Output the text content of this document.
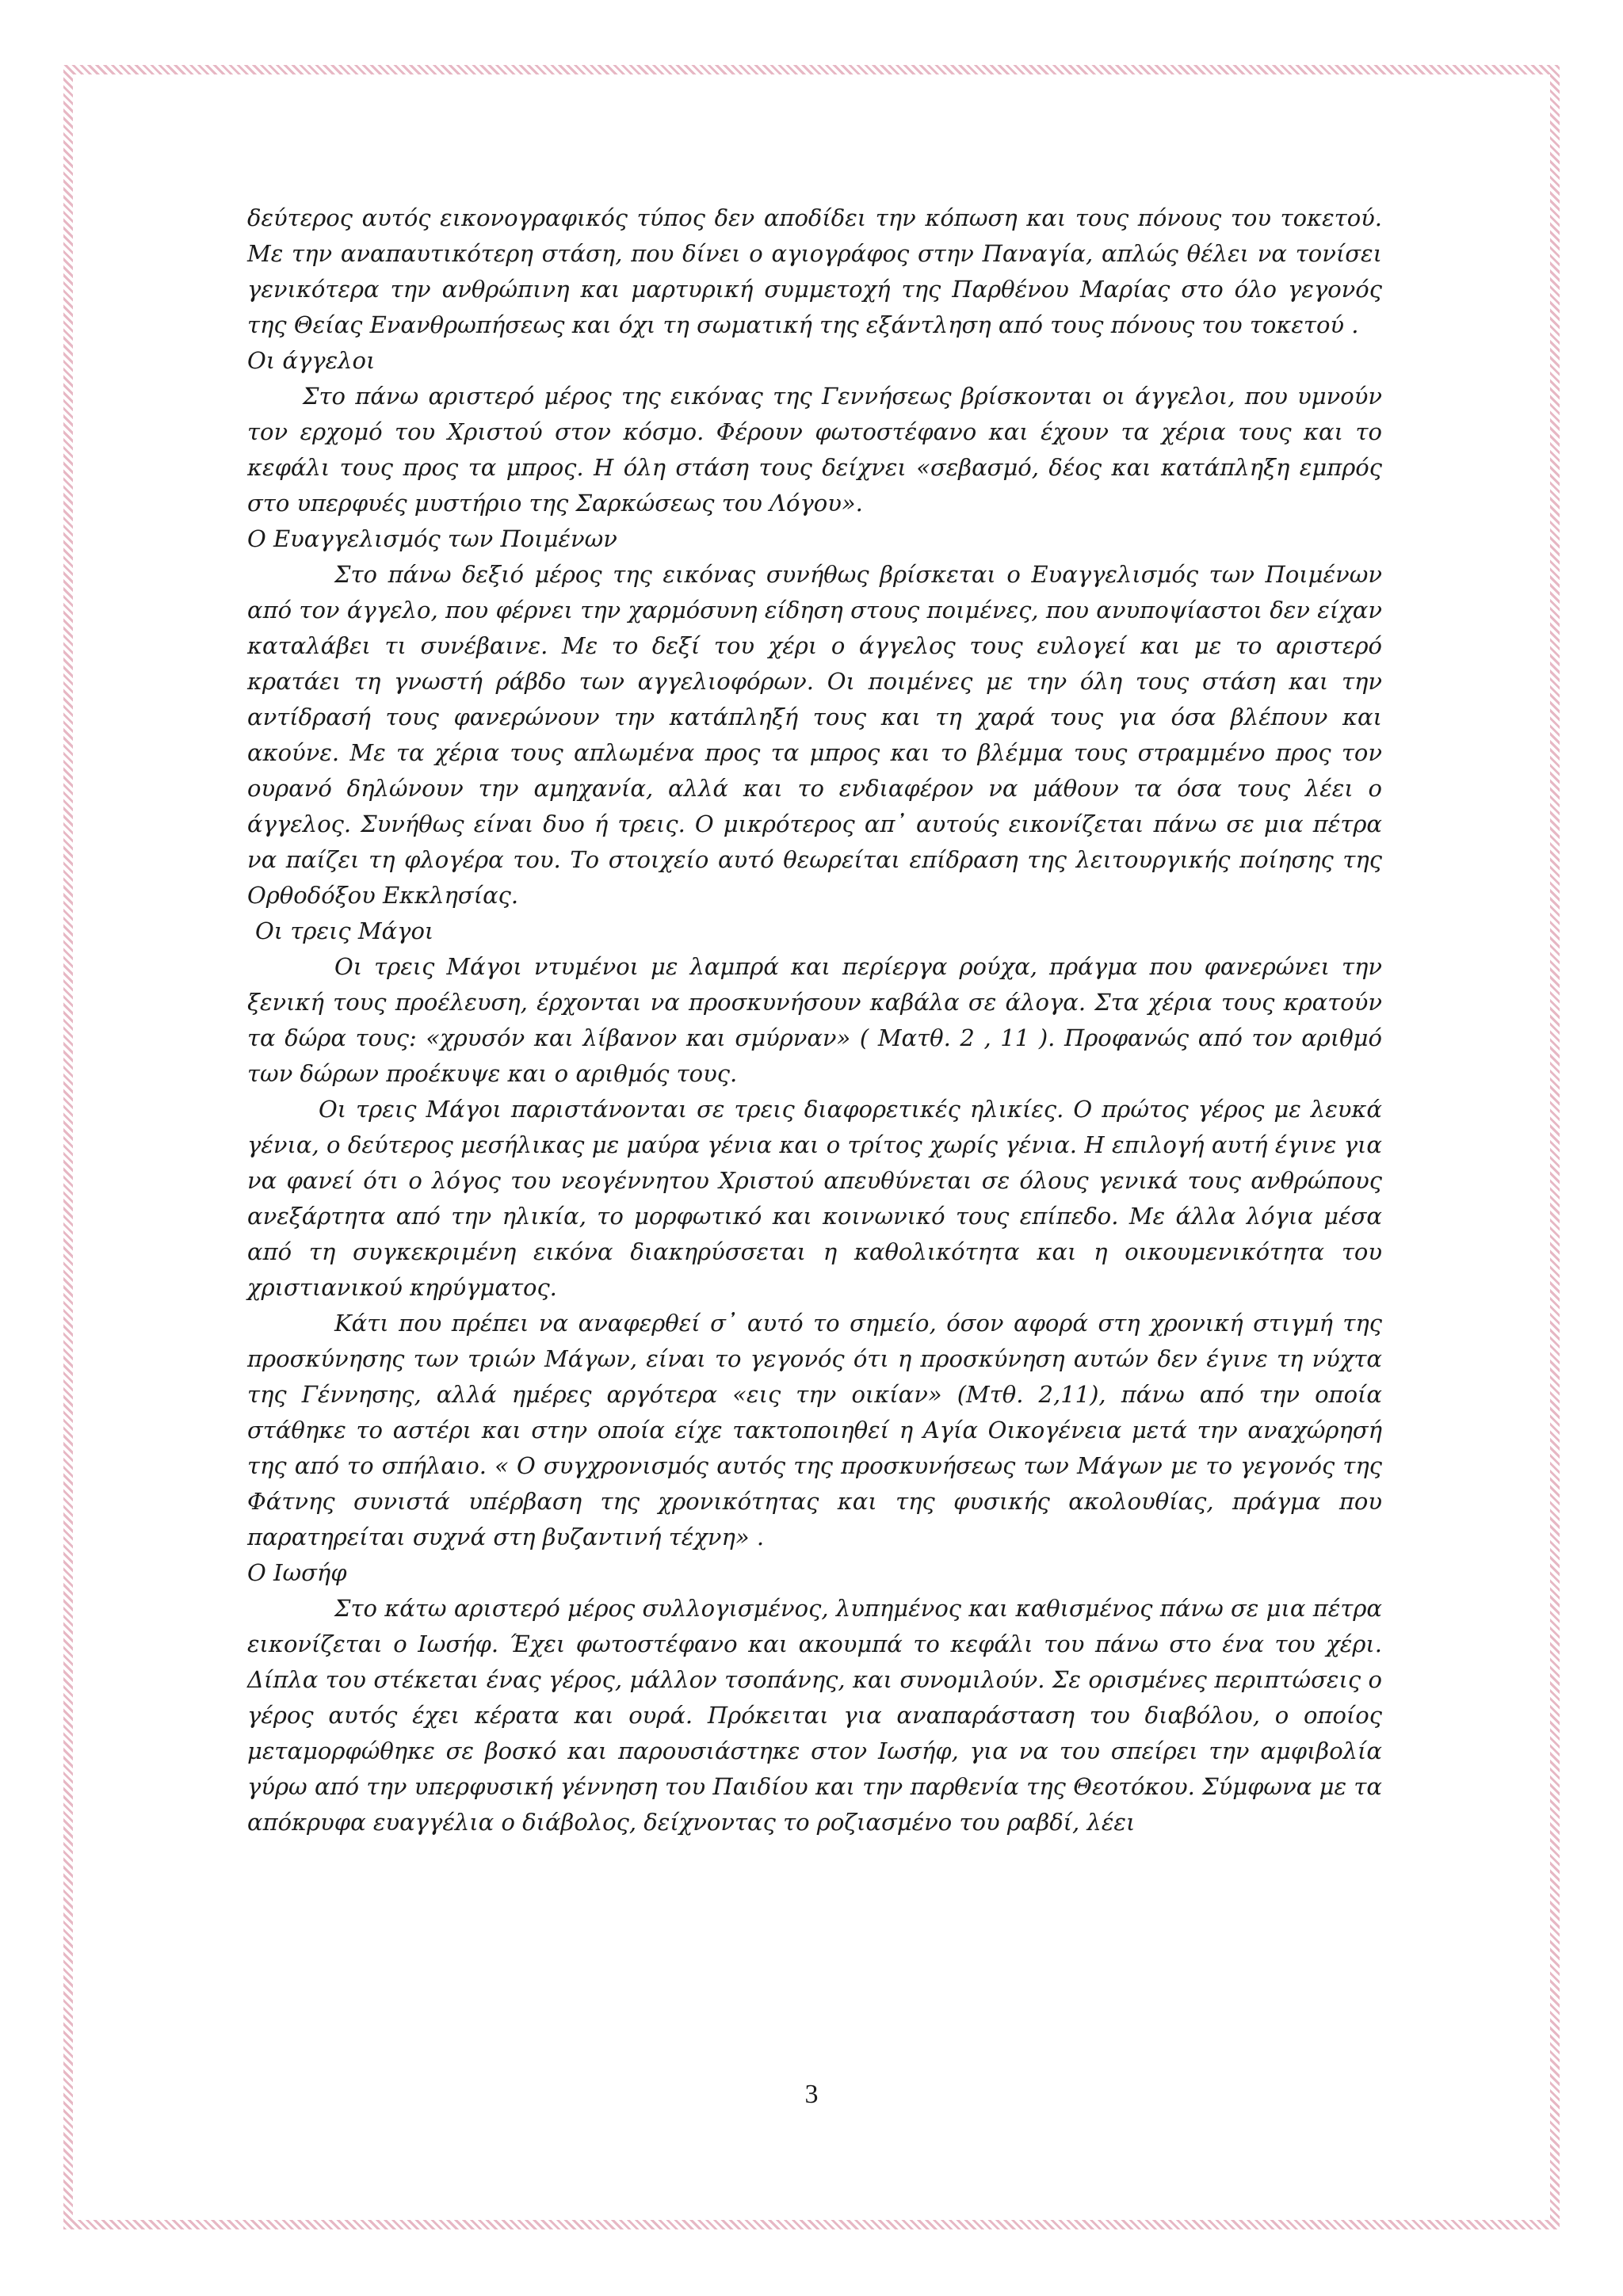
δεύτερος αυτός εικονογραφικός τύπος δεν αποδίδει την κόπωση και τους πόνους του τοκετού. Με την αναπαυτικότερη στάση, που δίνει ο αγιογράφος στην Παναγία, απλώς θέλει να τονίσει γενικότερα την ανθρώπινη και μαρτυρική συμμετοχή της Παρθένου Μαρίας στο όλο γεγονός της Θείας Ενανθρωπήσεως και όχι τη σωματική της εξάντληση από τους πόνους του τοκετού .

Οι άγγελοι

Στο πάνω αριστερό μέρος της εικόνας της Γεννήσεως βρίσκονται οι άγγελοι, που υμνούν τον ερχομό του Χριστού στον κόσμο. Φέρουν φωτοστέφανο και έχουν τα χέρια τους και το κεφάλι τους προς τα μπρος. Η όλη στάση τους δείχνει «σεβασμό, δέος και κατάπληξη εμπρός στο υπερφυές μυστήριο της Σαρκώσεως του Λόγου».

Ο Ευαγγελισμός των Ποιμένων

Στο πάνω δεξιό μέρος της εικόνας συνήθως βρίσκεται ο Ευαγγελισμός των Ποιμένων από τον άγγελο, που φέρνει την χαρμόσυνη είδηση στους ποιμένες, που ανυποψίαστοι δεν είχαν καταλάβει τι συνέβαινε. Με το δεξί του χέρι ο άγγελος τους ευλογεί και με το αριστερό κρατάει τη γνωστή ράβδο των αγγελιοφόρων. Οι ποιμένες με την όλη τους στάση και την αντίδρασή τους φανερώνουν την κατάπληξή τους και τη χαρά τους για όσα βλέπουν και ακούνε. Με τα χέρια τους απλωμένα προς τα μπρος και το βλέμμα τους στραμμένο προς τον ουρανό δηλώνουν την αμηχανία, αλλά και το ενδιαφέρον να μάθουν τα όσα τους λέει ο άγγελος. Συνήθως είναι δυο ή τρεις. Ο μικρότερος απ᾽ αυτούς εικονίζεται πάνω σε μια πέτρα να παίζει τη φλογέρα του. Το στοιχείο αυτό θεωρείται επίδραση της λειτουργικής ποίησης της Ορθοδόξου Εκκλησίας.

Οι τρεις Μάγοι

Οι τρεις Μάγοι ντυμένοι με λαμπρά και περίεργα ρούχα, πράγμα που φανερώνει την ξενική τους προέλευση, έρχονται να προσκυνήσουν καβάλα σε άλογα. Στα χέρια τους κρατούν τα δώρα τους: «χρυσόν και λίβανον και σμύρναν» ( Ματθ. 2 , 11 ). Προφανώς από τον αριθμό των δώρων προέκυψε και ο αριθμός τους.

Οι τρεις Μάγοι παριστάνονται σε τρεις διαφορετικές ηλικίες. Ο πρώτος γέρος με λευκά γένια, ο δεύτερος μεσήλικας με μαύρα γένια και ο τρίτος χωρίς γένια. Η επιλογή αυτή έγινε για να φανεί ότι ο λόγος του νεογέννητου Χριστού απευθύνεται σε όλους γενικά τους ανθρώπους ανεξάρτητα από την ηλικία, το μορφωτικό και κοινωνικό τους επίπεδο. Με άλλα λόγια μέσα από τη συγκεκριμένη εικόνα διακηρύσσεται η καθολικότητα και η οικουμενικότητα του χριστιανικού κηρύγματος.

Κάτι που πρέπει να αναφερθεί σ᾽ αυτό το σημείο, όσον αφορά στη χρονική στιγμή της προσκύνησης των τριών Μάγων, είναι το γεγονός ότι η προσκύνηση αυτών δεν έγινε τη νύχτα της Γέννησης, αλλά ημέρες αργότερα «εις την οικίαν» (Μτθ. 2,11), πάνω από την οποία στάθηκε το αστέρι και στην οποία είχε τακτοποιηθεί η Αγία Οικογένεια μετά την αναχώρησή της από το σπήλαιο. « Ο συγχρονισμός αυτός της προσκυνήσεως των Μάγων με το γεγονός της Φάτνης συνιστά υπέρβαση της χρονικότητας και της φυσικής ακολουθίας, πράγμα που παρατηρείται συχνά στη βυζαντινή τέχνη» .

Ο Ιωσήφ

Στο κάτω αριστερό μέρος συλλογισμένος, λυπημένος και καθισμένος πάνω σε μια πέτρα εικονίζεται ο Ιωσήφ. Έχει φωτοστέφανο και ακουμπά το κεφάλι του πάνω στο ένα του χέρι. Δίπλα του στέκεται ένας γέρος, μάλλον τσοπάνης, και συνομιλούν. Σε ορισμένες περιπτώσεις ο γέρος αυτός έχει κέρατα και ουρά. Πρόκειται για αναπαράσταση του διαβόλου, ο οποίος μεταμορφώθηκε σε βοσκό και παρουσιάστηκε στον Ιωσήφ, για να του σπείρει την αμφιβολία γύρω από την υπερφυσική γέννηση του Παιδίου και την παρθενία της Θεοτόκου. Σύμφωνα με τα απόκρυφα ευαγγέλια ο διάβολος, δείχνοντας το ροζιασμένο του ραβδί, λέει

3
